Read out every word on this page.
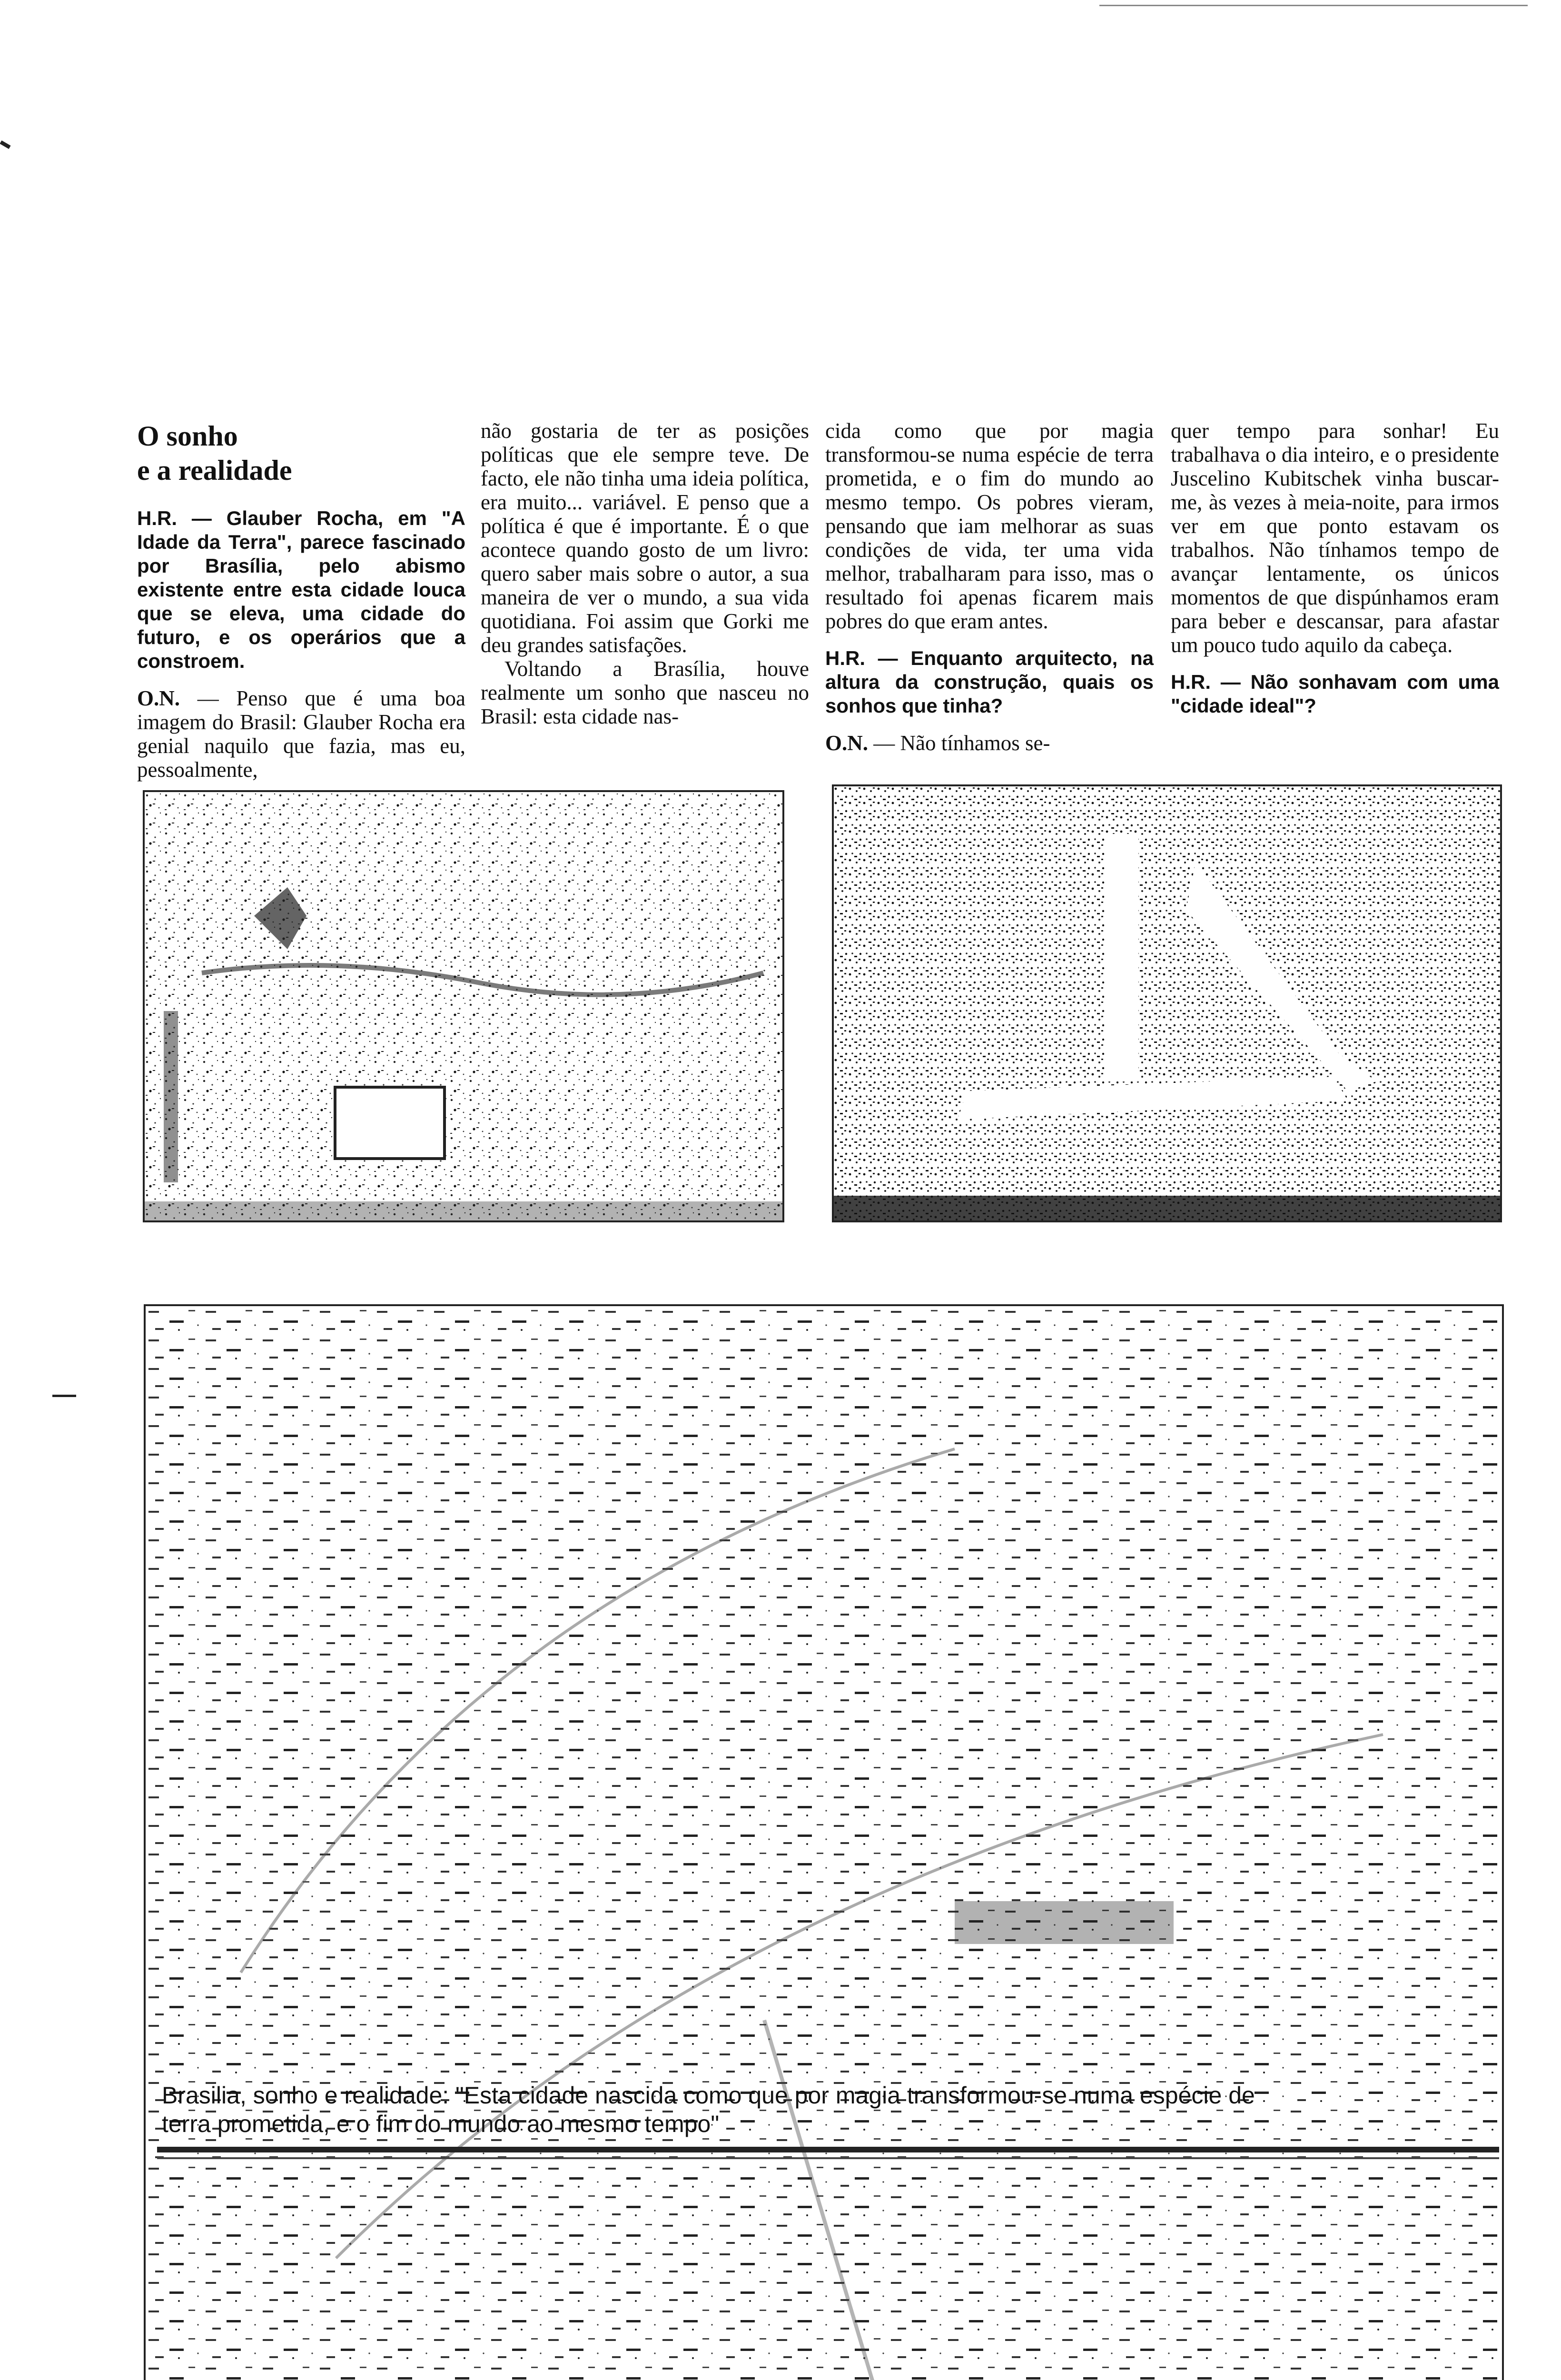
O sonho
e a realidade

H.R. — Glauber Rocha, em "A Idade da Terra", parece fascinado por Brasília, pelo abismo existente entre esta cidade louca que se eleva, uma cidade do futuro, e os operários que a constroem.

O.N. — Penso que é uma boa imagem do Brasil: Glauber Rocha era genial naquilo que fazia, mas eu, pessoalmente,

não gostaria de ter as posições políticas que ele sempre teve. De facto, ele não tinha uma ideia política, era muito... variável. E penso que a política é que é importante. É o que acontece quando gosto de um livro: quero saber mais sobre o autor, a sua maneira de ver o mundo, a sua vida quotidiana. Foi assim que Gorki me deu grandes satisfações.

Voltando a Brasília, houve realmente um sonho que nasceu no Brasil: esta cidade nas-

cida como que por magia transformou-se numa espécie de terra prometida, e o fim do mundo ao mesmo tempo. Os pobres vieram, pensando que iam melhorar as suas condições de vida, ter uma vida melhor, trabalharam para isso, mas o resultado foi apenas ficarem mais pobres do que eram antes.

H.R. — Enquanto arquitecto, na altura da construção, quais os sonhos que tinha?

O.N. — Não tínhamos se-

quer tempo para sonhar! Eu trabalhava o dia inteiro, e o presidente Juscelino Kubitschek vinha buscar-me, às vezes à meia-noite, para irmos ver em que ponto estavam os trabalhos. Não tínhamos tempo de avançar lentamente, os únicos momentos de que dispúnhamos eram para beber e descansar, para afastar um pouco tudo aquilo da cabeça.

H.R. — Não sonhavam com uma "cidade ideal"?

Brasilia, sonho e realidade: "Esta cidade nascida como que por magia transformou-se numa espécie de
terra prometida, e o fim do mundo ao mesmo tempo"
